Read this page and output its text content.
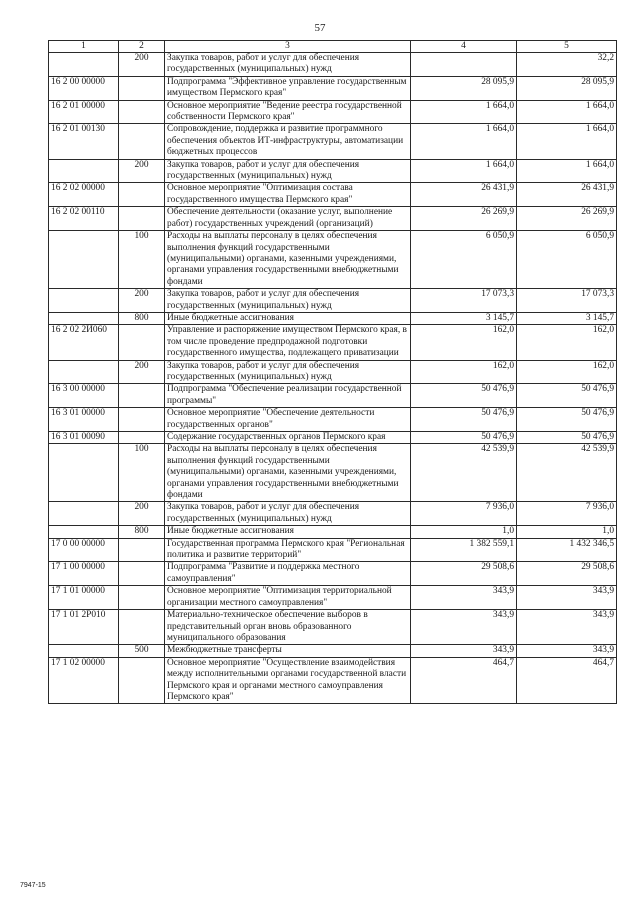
57
1	2	3	4	5
	200	Закупка товаров, работ и услуг для обеспечения государственных (муниципальных) нужд		32,2
16 2 00 00000		Подпрограмма "Эффективное управление государственным имуществом Пермского края"	28 095,9	28 095,9
16 2 01 00000		Основное мероприятие "Ведение реестра государственной собственности Пермского края"	1 664,0	1 664,0
16 2 01 00130		Сопровождение, поддержка и развитие программного обеспечения объектов ИТ-инфраструктуры, автоматизации бюджетных процессов	1 664,0	1 664,0
	200	Закупка товаров, работ и услуг для обеспечения государственных (муниципальных) нужд	1 664,0	1 664,0
16 2 02 00000		Основное мероприятие "Оптимизация состава государственного имущества Пермского края"	26 431,9	26 431,9
16 2 02 00110		Обеспечение деятельности (оказание услуг, выполнение работ) государственных учреждений (организаций)	26 269,9	26 269,9
	100	Расходы на выплаты персоналу в целях обеспечения выполнения функций государственными (муниципальными) органами, казенными учреждениями, органами управления государственными внебюджетными фондами	6 050,9	6 050,9
	200	Закупка товаров, работ и услуг для обеспечения государственных (муниципальных) нужд	17 073,3	17 073,3
	800	Иные бюджетные ассигнования	3 145,7	3 145,7
16 2 02 2И060		Управление и распоряжение имуществом Пермского края, в том числе проведение предпродажной подготовки государственного имущества, подлежащего приватизации	162,0	162,0
	200	Закупка товаров, работ и услуг для обеспечения государственных (муниципальных) нужд	162,0	162,0
16 3 00 00000		Подпрограмма "Обеспечение реализации государственной программы"	50 476,9	50 476,9
16 3 01 00000		Основное мероприятие "Обеспечение деятельности государственных органов"	50 476,9	50 476,9
16 3 01 00090		Содержание государственных органов Пермского края	50 476,9	50 476,9
	100	Расходы на выплаты персоналу в целях обеспечения выполнения функций государственными (муниципальными) органами, казенными учреждениями, органами управления государственными внебюджетными фондами	42 539,9	42 539,9
	200	Закупка товаров, работ и услуг для обеспечения государственных (муниципальных) нужд	7 936,0	7 936,0
	800	Иные бюджетные ассигнования	1,0	1,0
17 0 00 00000		Государственная программа Пермского края "Региональная политика и развитие территорий"	1 382 559,1	1 432 346,5
17 1 00 00000		Подпрограмма "Развитие и поддержка местного самоуправления"	29 508,6	29 508,6
17 1 01 00000		Основное мероприятие "Оптимизация территориальной организации местного самоуправления"	343,9	343,9
17 1 01 2Р010		Материально-техническое обеспечение выборов в представительный орган вновь образованного муниципального образования	343,9	343,9
	500	Межбюджетные трансферты	343,9	343,9
17 1 02 00000		Основное мероприятие "Осуществление взаимодействия между исполнительными органами государственной власти Пермского края и органами местного самоуправления Пермского края"	464,7	464,7
7947-15
